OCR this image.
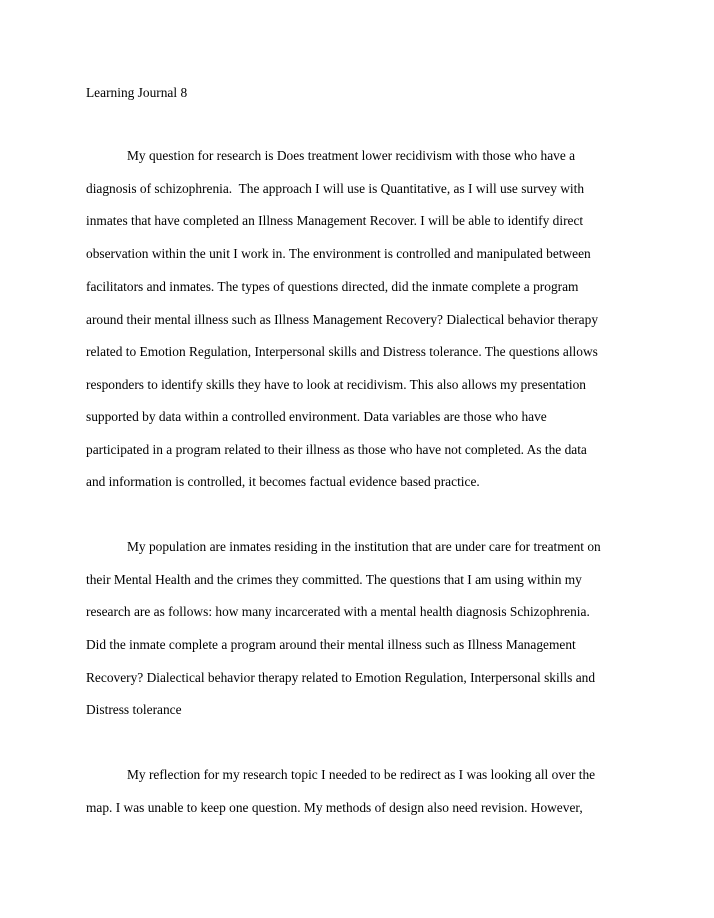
Learning Journal 8
My question for research is Does treatment lower recidivism with those who have a
diagnosis of schizophrenia.  The approach I will use is Quantitative, as I will use survey with
inmates that have completed an Illness Management Recover. I will be able to identify direct
observation within the unit I work in. The environment is controlled and manipulated between
facilitators and inmates. The types of questions directed, did the inmate complete a program
around their mental illness such as Illness Management Recovery? Dialectical behavior therapy
related to Emotion Regulation, Interpersonal skills and Distress tolerance. The questions allows
responders to identify skills they have to look at recidivism. This also allows my presentation
supported by data within a controlled environment. Data variables are those who have
participated in a program related to their illness as those who have not completed. As the data
and information is controlled, it becomes factual evidence based practice.
My population are inmates residing in the institution that are under care for treatment on
their Mental Health and the crimes they committed. The questions that I am using within my
research are as follows: how many incarcerated with a mental health diagnosis Schizophrenia.
Did the inmate complete a program around their mental illness such as Illness Management
Recovery? Dialectical behavior therapy related to Emotion Regulation, Interpersonal skills and
Distress tolerance
My reflection for my research topic I needed to be redirect as I was looking all over the
map. I was unable to keep one question. My methods of design also need revision. However,
